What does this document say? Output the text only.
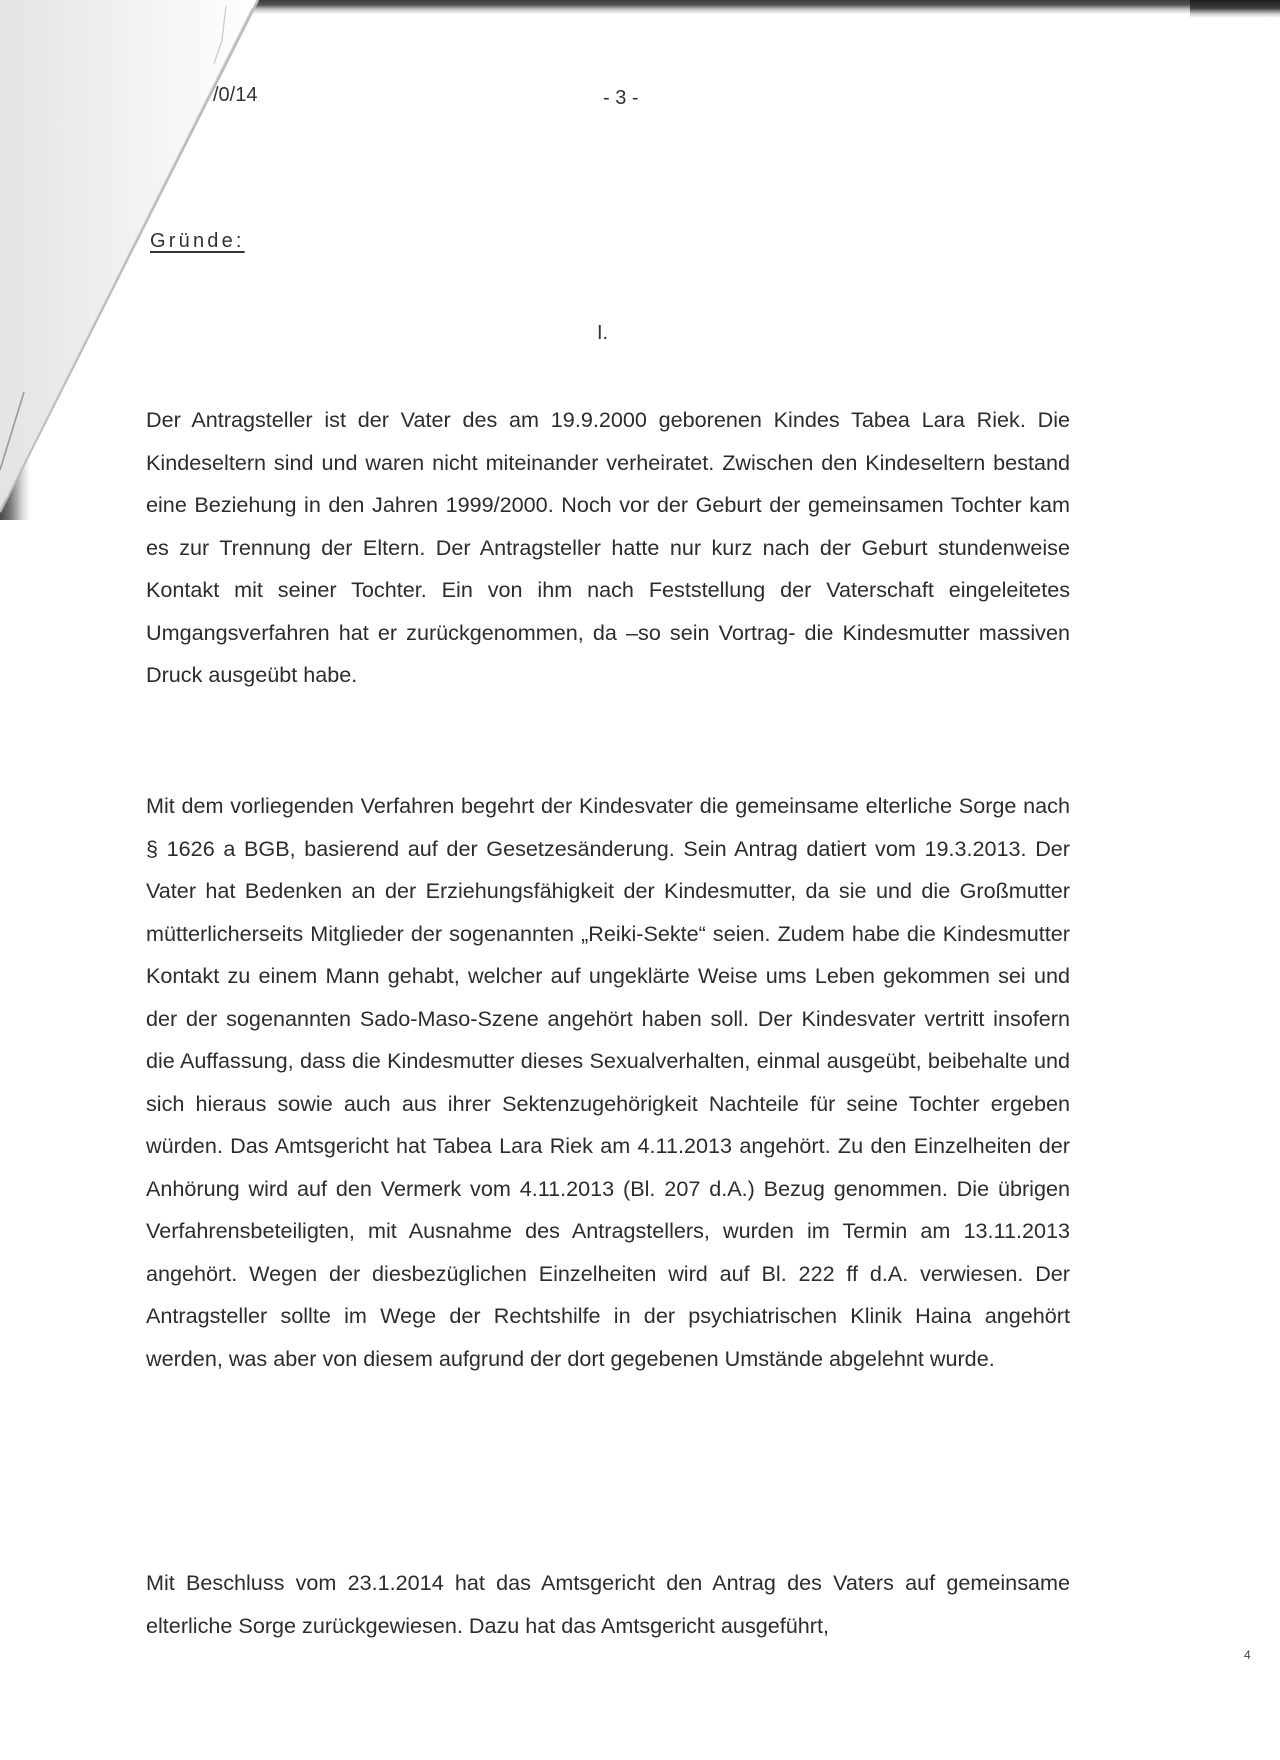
/0/14	- 3 -
Gründe:
I.

Der Antragsteller ist der Vater des am 19.9.2000 geborenen Kindes Tabea Lara Riek. Die Kindeseltern sind und waren nicht miteinander verheiratet. Zwischen den Kindeseltern bestand eine Beziehung in den Jahren 1999/2000. Noch vor der Geburt der gemeinsamen Tochter kam es zur Trennung der Eltern. Der Antragsteller hatte nur kurz nach der Geburt stundenweise Kontakt mit seiner Tochter. Ein von ihm nach Feststellung der Vaterschaft eingeleitetes Umgangsverfahren hat er zurückgenommen, da –so sein Vortrag- die Kindesmutter massiven Druck ausgeübt habe.

Mit dem vorliegenden Verfahren begehrt der Kindesvater die gemeinsame elterliche Sorge nach § 1626 a BGB, basierend auf der Gesetzesänderung. Sein Antrag datiert vom 19.3.2013. Der Vater hat Bedenken an der Erziehungsfähigkeit der Kindesmutter, da sie und die Großmutter mütterlicherseits Mitglieder der sogenannten „Reiki-Sekte“ seien. Zudem habe die Kindesmutter Kontakt zu einem Mann gehabt, welcher auf ungeklärte Weise ums Leben gekommen sei und der der sogenannten Sado-Maso-Szene angehört haben soll. Der Kindesvater vertritt insofern die Auffassung, dass die Kindesmutter dieses Sexualverhalten, einmal ausgeübt, beibehalte und sich hieraus sowie auch aus ihrer Sektenzugehörigkeit Nachteile für seine Tochter ergeben würden. Das Amtsgericht hat Tabea Lara Riek am 4.11.2013 angehört. Zu den Einzelheiten der Anhörung wird auf den Vermerk vom 4.11.2013 (Bl. 207 d.A.) Bezug genommen. Die übrigen Verfahrensbeteiligten, mit Ausnahme des Antragstellers, wurden im Termin am 13.11.2013 angehört. Wegen der diesbezüglichen Einzelheiten wird auf Bl. 222 ff d.A. verwiesen. Der Antragsteller sollte im Wege der Rechtshilfe in der psychiatrischen Klinik Haina angehört werden, was aber von diesem aufgrund der dort gegebenen Umstände abgelehnt wurde.

Mit Beschluss vom 23.1.2014 hat das Amtsgericht den Antrag des Vaters auf gemeinsame elterliche Sorge zurückgewiesen. Dazu hat das Amtsgericht ausgeführt,

4
